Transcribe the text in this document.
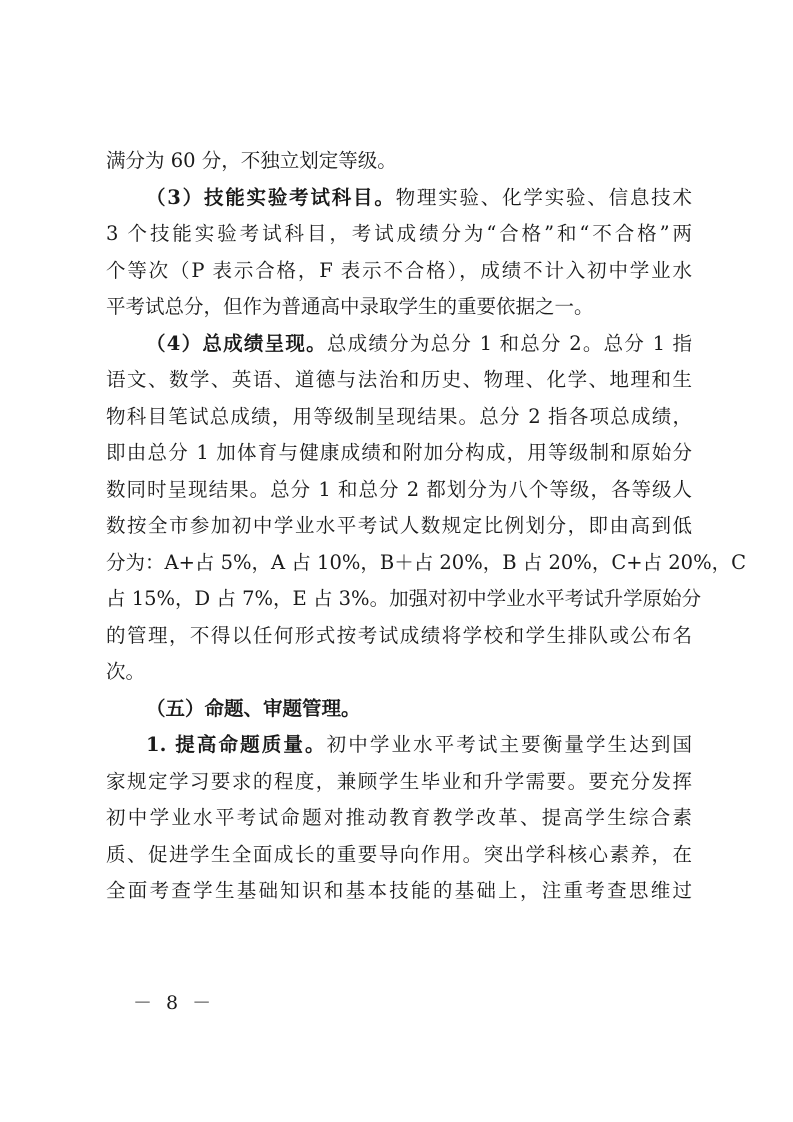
满分为 60 分，不独立划定等级。
（3）技能实验考试科目。物理实验、化学实验、信息技术
3 个技能实验考试科目，考试成绩分为“合格”和“不合格”两
个等次（P 表示合格，F 表示不合格），成绩不计入初中学业水
平考试总分，但作为普通高中录取学生的重要依据之一。
（4）总成绩呈现。总成绩分为总分 1 和总分 2。总分 1 指
语文、数学、英语、道德与法治和历史、物理、化学、地理和生
物科目笔试总成绩，用等级制呈现结果。总分 2 指各项总成绩，
即由总分 1 加体育与健康成绩和附加分构成，用等级制和原始分
数同时呈现结果。总分 1 和总分 2 都划分为八个等级，各等级人
数按全市参加初中学业水平考试人数规定比例划分，即由高到低
分为：A+占 5%，A 占 10%，B＋占 20%，B 占 20%，C+占 20%，C
占 15%，D 占 7%，E 占 3%。加强对初中学业水平考试升学原始分
的管理，不得以任何形式按考试成绩将学校和学生排队或公布名
次。
（五）命题、审题管理。
1. 提高命题质量。初中学业水平考试主要衡量学生达到国
家规定学习要求的程度，兼顾学生毕业和升学需要。要充分发挥
初中学业水平考试命题对推动教育教学改革、提高学生综合素
质、促进学生全面成长的重要导向作用。突出学科核心素养，在
全面考查学生基础知识和基本技能的基础上，注重考查思维过
－ 8 －
